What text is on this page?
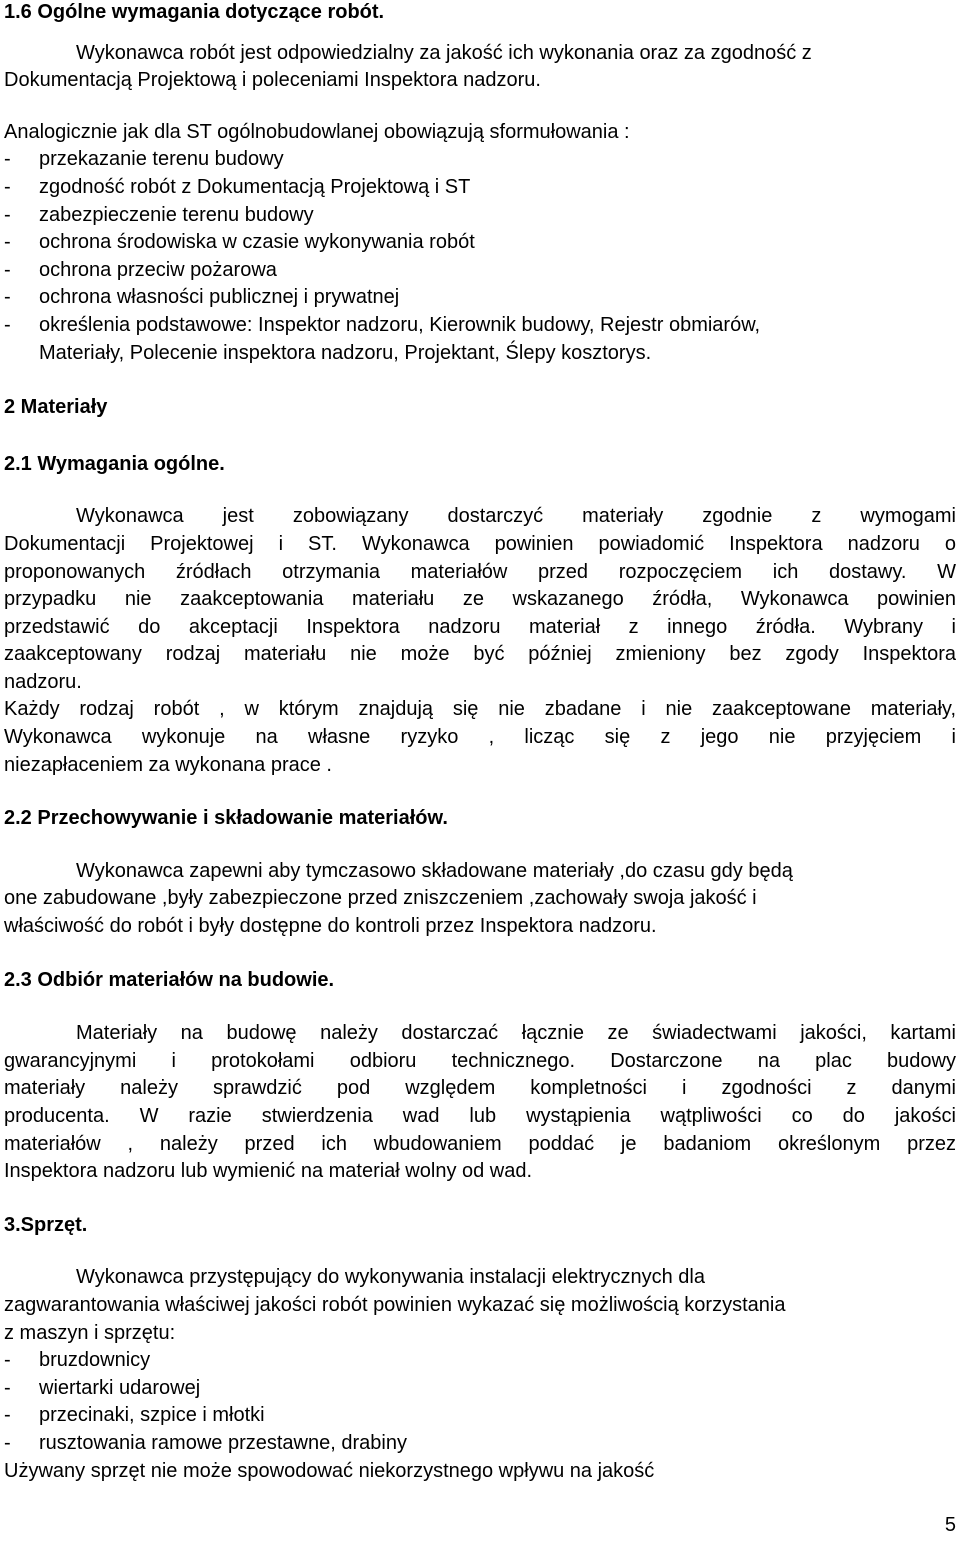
1.6 Ogólne wymagania dotyczące robót.
Wykonawca robót jest odpowiedzialny za jakość ich wykonania oraz za zgodność z
Dokumentacją Projektową i poleceniami Inspektora nadzoru.
Analogicznie jak dla ST ogólnobudowlanej obowiązują sformułowania :
- przekazanie terenu budowy
- zgodność robót z Dokumentacją Projektową i ST
- zabezpieczenie terenu budowy
- ochrona środowiska w czasie wykonywania robót
- ochrona przeciw pożarowa
- ochrona własności publicznej i prywatnej
- określenia podstawowe: Inspektor nadzoru, Kierownik budowy, Rejestr obmiarów,
Materiały, Polecenie inspektora nadzoru, Projektant, Ślepy kosztorys.
2 Materiały
2.1 Wymagania ogólne.
Wykonawca jest zobowiązany dostarczyć materiały zgodnie z wymogami
Dokumentacji Projektowej i ST. Wykonawca powinien powiadomić Inspektora nadzoru o
proponowanych źródłach otrzymania materiałów przed rozpoczęciem ich dostawy. W
przypadku nie zaakceptowania materiału ze wskazanego źródła, Wykonawca powinien
przedstawić do akceptacji Inspektora nadzoru materiał z innego źródła. Wybrany i
zaakceptowany rodzaj materiału nie może być później zmieniony bez zgody Inspektora
nadzoru.
Każdy rodzaj robót , w którym znajdują się nie zbadane i nie zaakceptowane materiały,
Wykonawca wykonuje na własne ryzyko , licząc się z jego nie przyjęciem i
niezapłaceniem za wykonana prace .
2.2 Przechowywanie i składowanie materiałów.
Wykonawca zapewni aby tymczasowo składowane materiały ,do czasu gdy będą
one zabudowane ,były zabezpieczone przed zniszczeniem ,zachowały swoja jakość i
właściwość do robót i były dostępne do kontroli przez Inspektora nadzoru.
2.3 Odbiór materiałów na budowie.
Materiały na budowę należy dostarczać łącznie ze świadectwami jakości, kartami
gwarancyjnymi i protokołami odbioru technicznego. Dostarczone na plac budowy
materiały należy sprawdzić pod względem kompletności i zgodności z danymi
producenta. W razie stwierdzenia wad lub wystąpienia wątpliwości co do jakości
materiałów , należy przed ich wbudowaniem poddać je badaniom określonym przez
Inspektora nadzoru lub wymienić na materiał wolny od wad.
3.Sprzęt.
Wykonawca przystępujący do wykonywania instalacji elektrycznych dla
zagwarantowania właściwej jakości robót powinien wykazać się możliwością korzystania
z maszyn i sprzętu:
- bruzdownicy
- wiertarki udarowej
- przecinaki, szpice i młotki
- rusztowania ramowe przestawne, drabiny
Używany sprzęt nie może spowodować niekorzystnego wpływu na jakość
5
